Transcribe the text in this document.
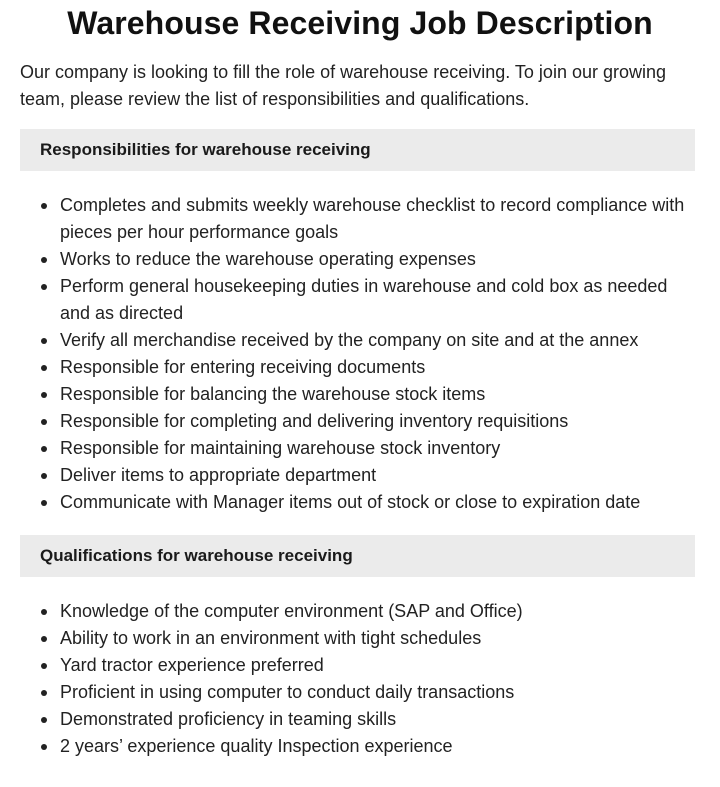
Warehouse Receiving Job Description

Our company is looking to fill the role of warehouse receiving. To join our growing team, please review the list of responsibilities and qualifications.

Responsibilities for warehouse receiving
Completes and submits weekly warehouse checklist to record compliance with pieces per hour performance goals
Works to reduce the warehouse operating expenses
Perform general housekeeping duties in warehouse and cold box as needed and as directed
Verify all merchandise received by the company on site and at the annex
Responsible for entering receiving documents
Responsible for balancing the warehouse stock items
Responsible for completing and delivering inventory requisitions
Responsible for maintaining warehouse stock inventory
Deliver items to appropriate department
Communicate with Manager items out of stock or close to expiration date
Qualifications for warehouse receiving
Knowledge of the computer environment (SAP and Office)
Ability to work in an environment with tight schedules
Yard tractor experience preferred
Proficient in using computer to conduct daily transactions
Demonstrated proficiency in teaming skills
2 years’ experience quality Inspection experience
